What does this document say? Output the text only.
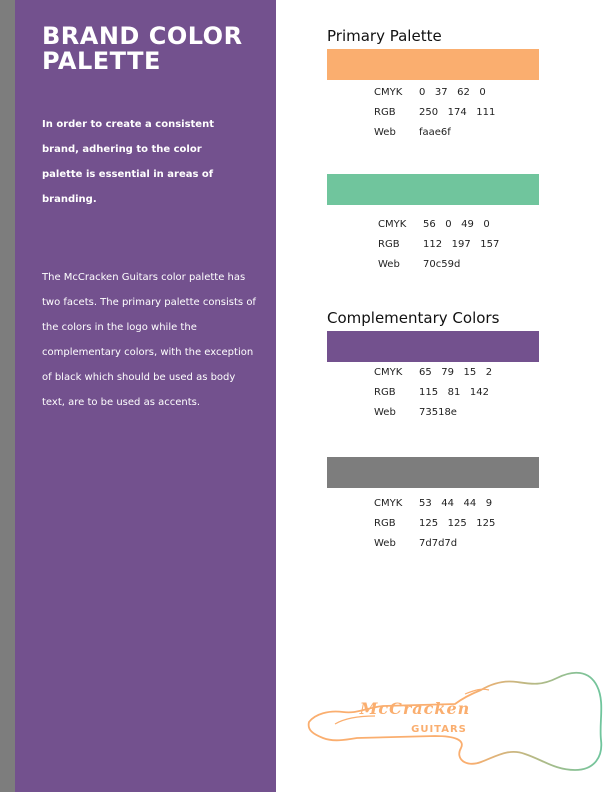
BRAND COLOR
PALETTE

In order to create a consistent brand, adhering to the color palette is essential in areas of branding.

The McCracken Guitars color palette has two facets. The primary palette consists of the colors in the logo while the complementary colors, with the exception of black which should be used as body text, are to be used as accents.

Primary Palette
CMYK	0   37   62   0
RGB	250   174   111
Web	faae6f
CMYK	56   0   49   0
RGB	112   197   157
Web	70c59d
Complementary Colors
CMYK	65   79   15   2
RGB	115   81   142
Web	73518e
CMYK	53   44   44   9
RGB	125   125   125
Web	7d7d7d
McCracken
GUITARS
